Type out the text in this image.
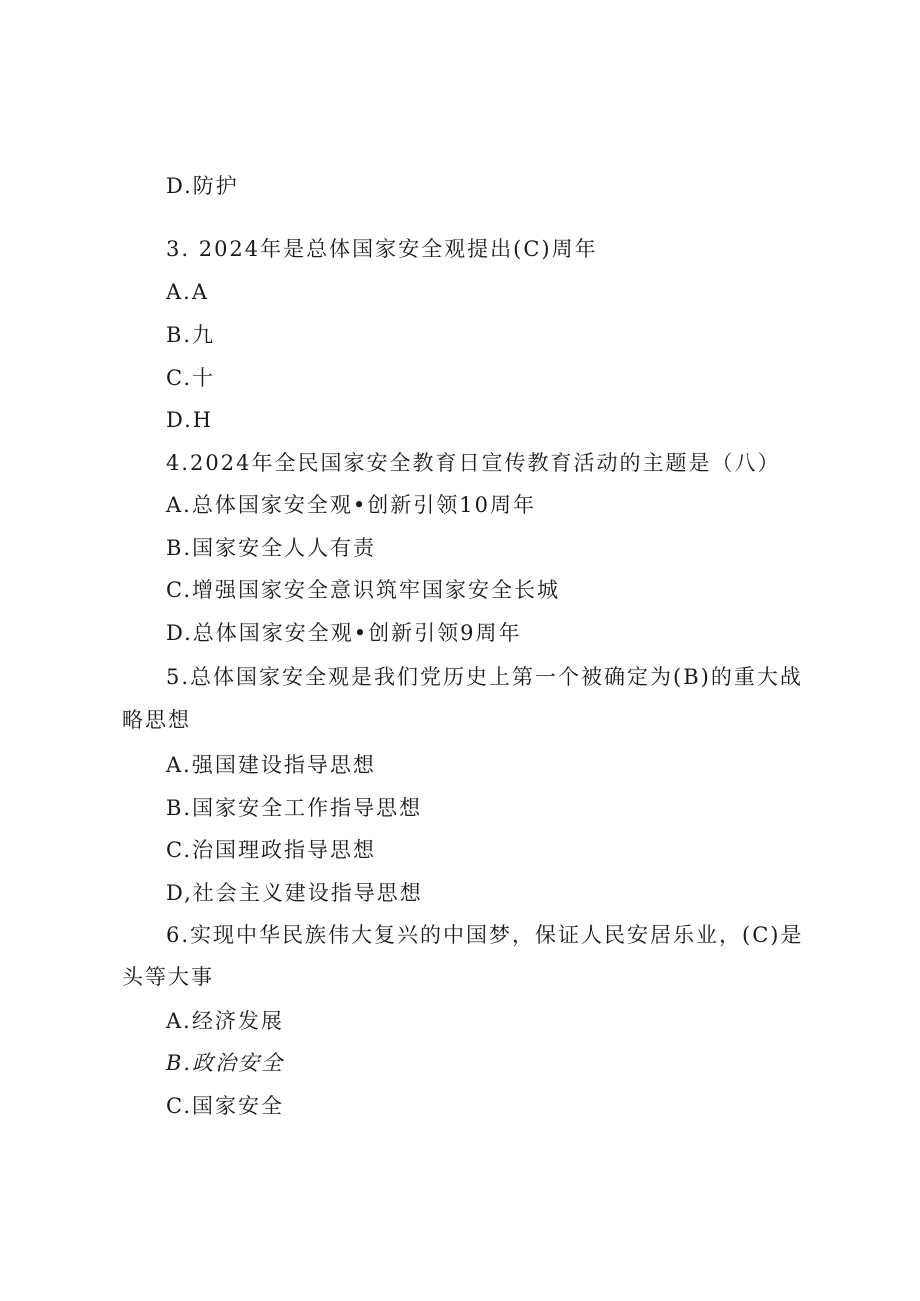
D.防护
3. 2024年是总体国家安全观提出(C)周年
A.A
B.九
C.十
D.H
4.2024年全民国家安全教育日宣传教育活动的主题是（八）
A.总体国家安全观•创新引领10周年
B.国家安全人人有责
C.增强国家安全意识筑牢国家安全长城
D.总体国家安全观•创新引领9周年
5.总体国家安全观是我们党历史上第一个被确定为(B)的重大战
略思想
A.强国建设指导思想
B.国家安全工作指导思想
C.治国理政指导思想
D,社会主义建设指导思想
6.实现中华民族伟大复兴的中国梦，保证人民安居乐业，(C)是
头等大事
A.经济发展
B.政治安全
C.国家安全
